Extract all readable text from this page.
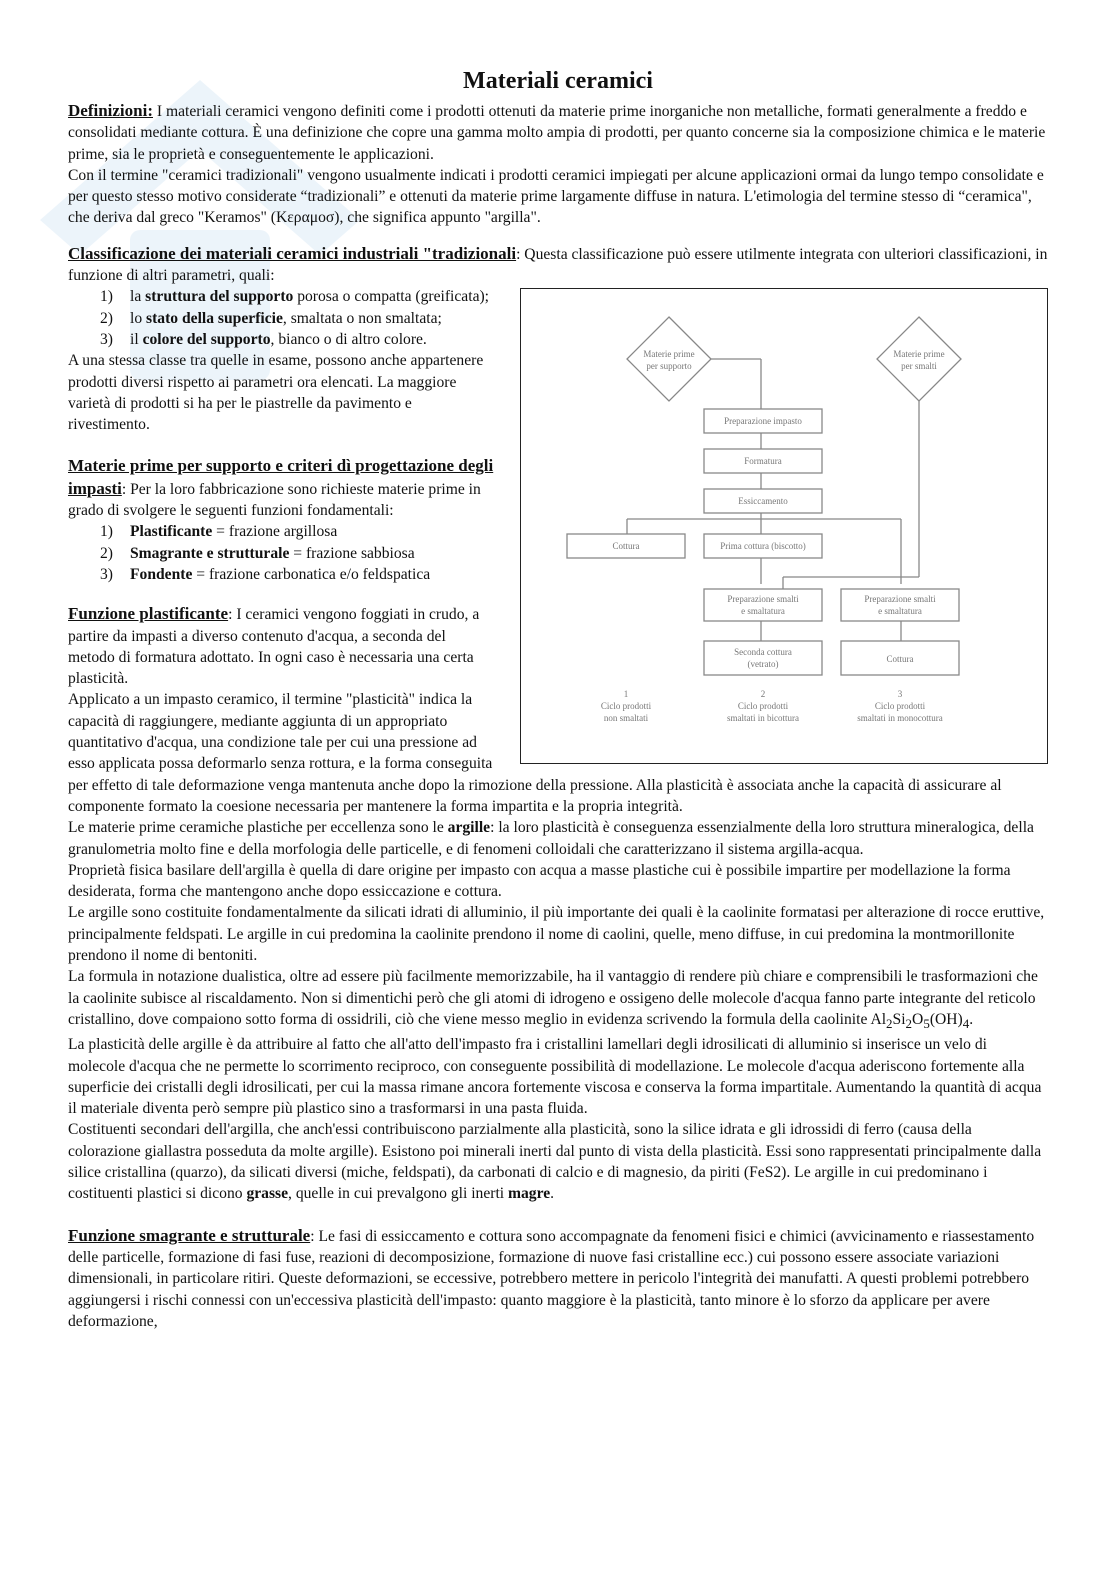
Materiali ceramici

Definizioni: I materiali ceramici vengono definiti come i prodotti ottenuti da materie prime inorganiche non metalliche, formati generalmente a freddo e consolidati mediante cottura. È una definizione che copre una gamma molto ampia di prodotti, per quanto concerne sia la composizione chimica e le materie prime, sia le proprietà e conseguentemente le applicazioni.

Con il termine "ceramici tradizionali" vengono usualmente indicati i prodotti ceramici impiegati per alcune applicazioni ormai da lungo tempo consolidate e per questo stesso motivo considerate “tradizionali” e ottenuti da materie prime largamente diffuse in natura. L'etimologia del termine stesso di “ceramica", che deriva dal greco "Keramos" (Κεραμοσ), che significa appunto "argilla".

Classificazione dei materiali ceramici industriali "tradizionali: Questa classificazione può essere utilmente integrata con ulteriori classificazioni, in funzione di altri parametri, quali:

Materie prime
per supporto
Materie prime
per smalti
Preparazione impasto
Formatura
Essiccamento
Cottura	Prima cottura (biscotto)
Preparazione smalti
e smaltatura
Preparazione smalti
e smaltatura
Seconda cottura
(vetrato)	Cottura
1
Ciclo prodotti
non smaltati
2
Ciclo prodotti
smaltati in bicottura
3
Ciclo prodotti
smaltati in monocottura
1) la struttura del supporto porosa o compatta (greificata);
2) lo stato della superficie, smaltata o non smaltata;
3) il colore del supporto, bianco o di altro colore.

A una stessa classe tra quelle in esame, possono anche appartenere prodotti diversi rispetto ai parametri ora elencati. La maggiore varietà di prodotti si ha per le piastrelle da pavimento e rivestimento.

Materie prime per supporto e criteri dì progettazione degli impasti: Per la loro fabbricazione sono richieste materie prime in grado di svolgere le seguenti funzioni fondamentali:

1) Plastificante = frazione argillosa
2) Smagrante e strutturale = frazione sabbiosa
3) Fondente = frazione carbonatica e/o feldspatica

Funzione plastificante: I ceramici vengono foggiati in crudo, a partire da impasti a diverso contenuto d'acqua, a seconda del metodo di formatura adottato. In ogni caso è necessaria una certa plasticità.

Applicato a un impasto ceramico, il termine "plasticità" indica la capacità di raggiungere, mediante aggiunta di un appropriato quantitativo d'acqua, una condizione tale per cui una pressione ad esso applicata possa deformarlo senza rottura, e la forma conseguita per effetto di tale deformazione venga mantenuta anche dopo la rimozione della pressione. Alla plasticità è associata anche la capacità di assicurare al componente formato la coesione necessaria per mantenere la forma impartita e la propria integrità.

Le materie prime ceramiche plastiche per eccellenza sono le argille: la loro plasticità è conseguenza essenzialmente della loro struttura mineralogica, della granulometria molto fine e della morfologia delle particelle, e di fenomeni colloidali che caratterizzano il sistema argilla-acqua.

Proprietà fisica basilare dell'argilla è quella di dare origine per impasto con acqua a masse plastiche cui è possibile impartire per modellazione la forma desiderata, forma che mantengono anche dopo essiccazione e cottura.

Le argille sono costituite fondamentalmente da silicati idrati di alluminio, il più importante dei quali è la caolinite formatasi per alterazione di rocce eruttive, principalmente feldspati. Le argille in cui predomina la caolinite prendono il nome di caolini, quelle, meno diffuse, in cui predomina la montmorillonite prendono il nome di bentoniti.

La formula in notazione dualistica, oltre ad essere più facilmente memorizzabile, ha il vantaggio di rendere più chiare e comprensibili le trasformazioni che la caolinite subisce al riscaldamento. Non si dimentichi però che gli atomi di idrogeno e ossigeno delle molecole d'acqua fanno parte integrante del reticolo cristallino, dove compaiono sotto forma di ossidrili, ciò che viene messo meglio in evidenza scrivendo la formula della caolinite $Al_2Si_2O_5(OH)_4$.

La plasticità delle argille è da attribuire al fatto che all'atto dell'impasto fra i cristallini lamellari degli idrosilicati di alluminio si inserisce un velo di molecole d'acqua che ne permette lo scorrimento reciproco, con conseguente possibilità di modellazione. Le molecole d'acqua aderiscono fortemente alla superficie dei cristalli degli idrosilicati, per cui la massa rimane ancora fortemente viscosa e conserva la forma impartitale. Aumentando la quantità di acqua il materiale diventa però sempre più plastico sino a trasformarsi in una pasta fluida.

Costituenti secondari dell'argilla, che anch'essi contribuiscono parzialmente alla plasticità, sono la silice idrata e gli idrossidi di ferro (causa della colorazione giallastra posseduta da molte argille). Esistono poi minerali inerti dal punto di vista della plasticità. Essi sono rappresentati principalmente dalla silice cristallina (quarzo), da silicati diversi (miche, feldspati), da carbonati di calcio e di magnesio, da piriti (FeS2). Le argille in cui predominano i costituenti plastici si dicono grasse, quelle in cui prevalgono gli inerti magre.

Funzione smagrante e strutturale: Le fasi di essiccamento e cottura sono accompagnate da fenomeni fisici e chimici (avvicinamento e riassestamento delle particelle, formazione di fasi fuse, reazioni di decomposizione, formazione di nuove fasi cristalline ecc.) cui possono essere associate variazioni dimensionali, in particolare ritiri. Queste deformazioni, se eccessive, potrebbero mettere in pericolo l'integrità dei manufatti. A questi problemi potrebbero aggiungersi i rischi connessi con un'eccessiva plasticità dell'impasto: quanto maggiore è la plasticità, tanto minore è lo sforzo da applicare per avere deformazione,
